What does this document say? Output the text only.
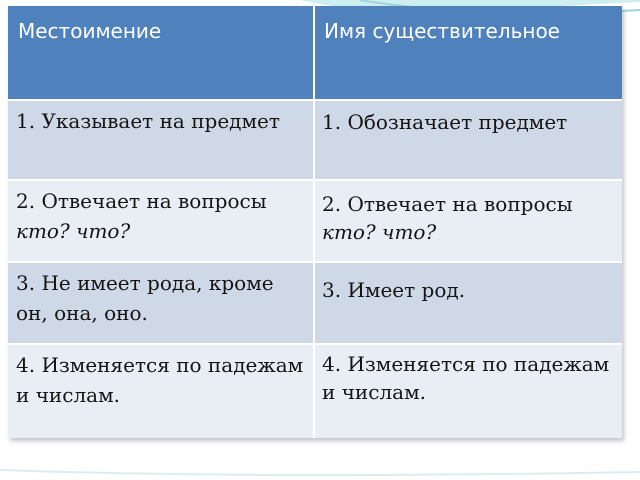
Местоимение	Имя существительное
1. Указывает на предмет	1. Обозначает предмет
2. Отвечает на вопросы кто? что?
2. Отвечает на вопросы кто? что?
3. Не имеет рода, кроме он, она, оно.
3. Имеет род.
4. Изменяется по падежам и числам.
4. Изменяется по падежам и числам.
